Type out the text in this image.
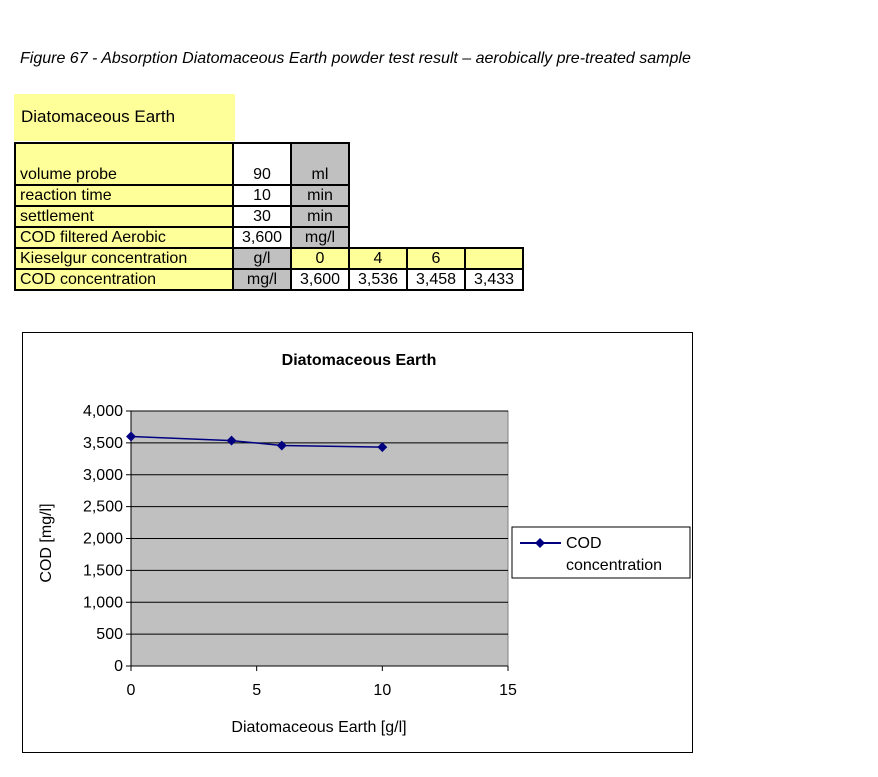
Figure 67 - Absorption Diatomaceous Earth powder test result – aerobically pre-treated sample
Diatomaceous Earth
volume probe	90	ml			
reaction time	10	min			
settlement	30	min			
COD filtered Aerobic	3,600	mg/l			
Kieselgur concentration	g/l	0	4	6	
COD concentration	mg/l	3,600	3,536	3,458	3,433
Diatomaceous Earth
0
500
1,000
1,500
2,000
2,500
3,000
3,500
4,000
0	5	10	15
Diatomaceous Earth [g/l]
COD [mg/l]	COD
concentration
